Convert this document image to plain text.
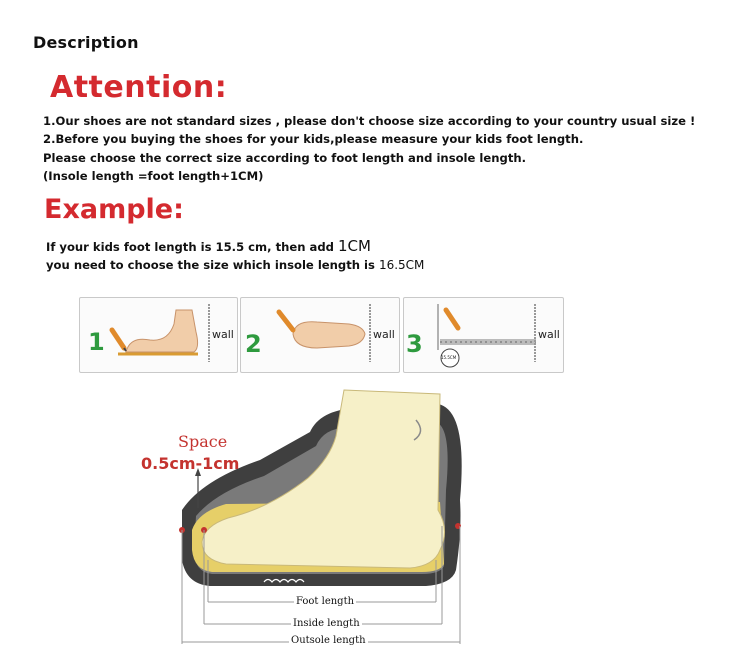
Description
Attention:
1.Our shoes are not standard sizes , please don't choose size according to your country usual size !
2.Before you buying the shoes for your kids,please measure your kids foot length.
Please choose the correct size according to foot length and insole length.
(Insole length =foot length+1CM)
Example:
If your kids foot length is 15.5 cm, then add 1CM
you need to choose the size which insole length is 16.5CM
1	wall 2	wall 3	15.5CM
wall
Space
0.5cm-1cm
Foot length
Inside length
Outsole length
